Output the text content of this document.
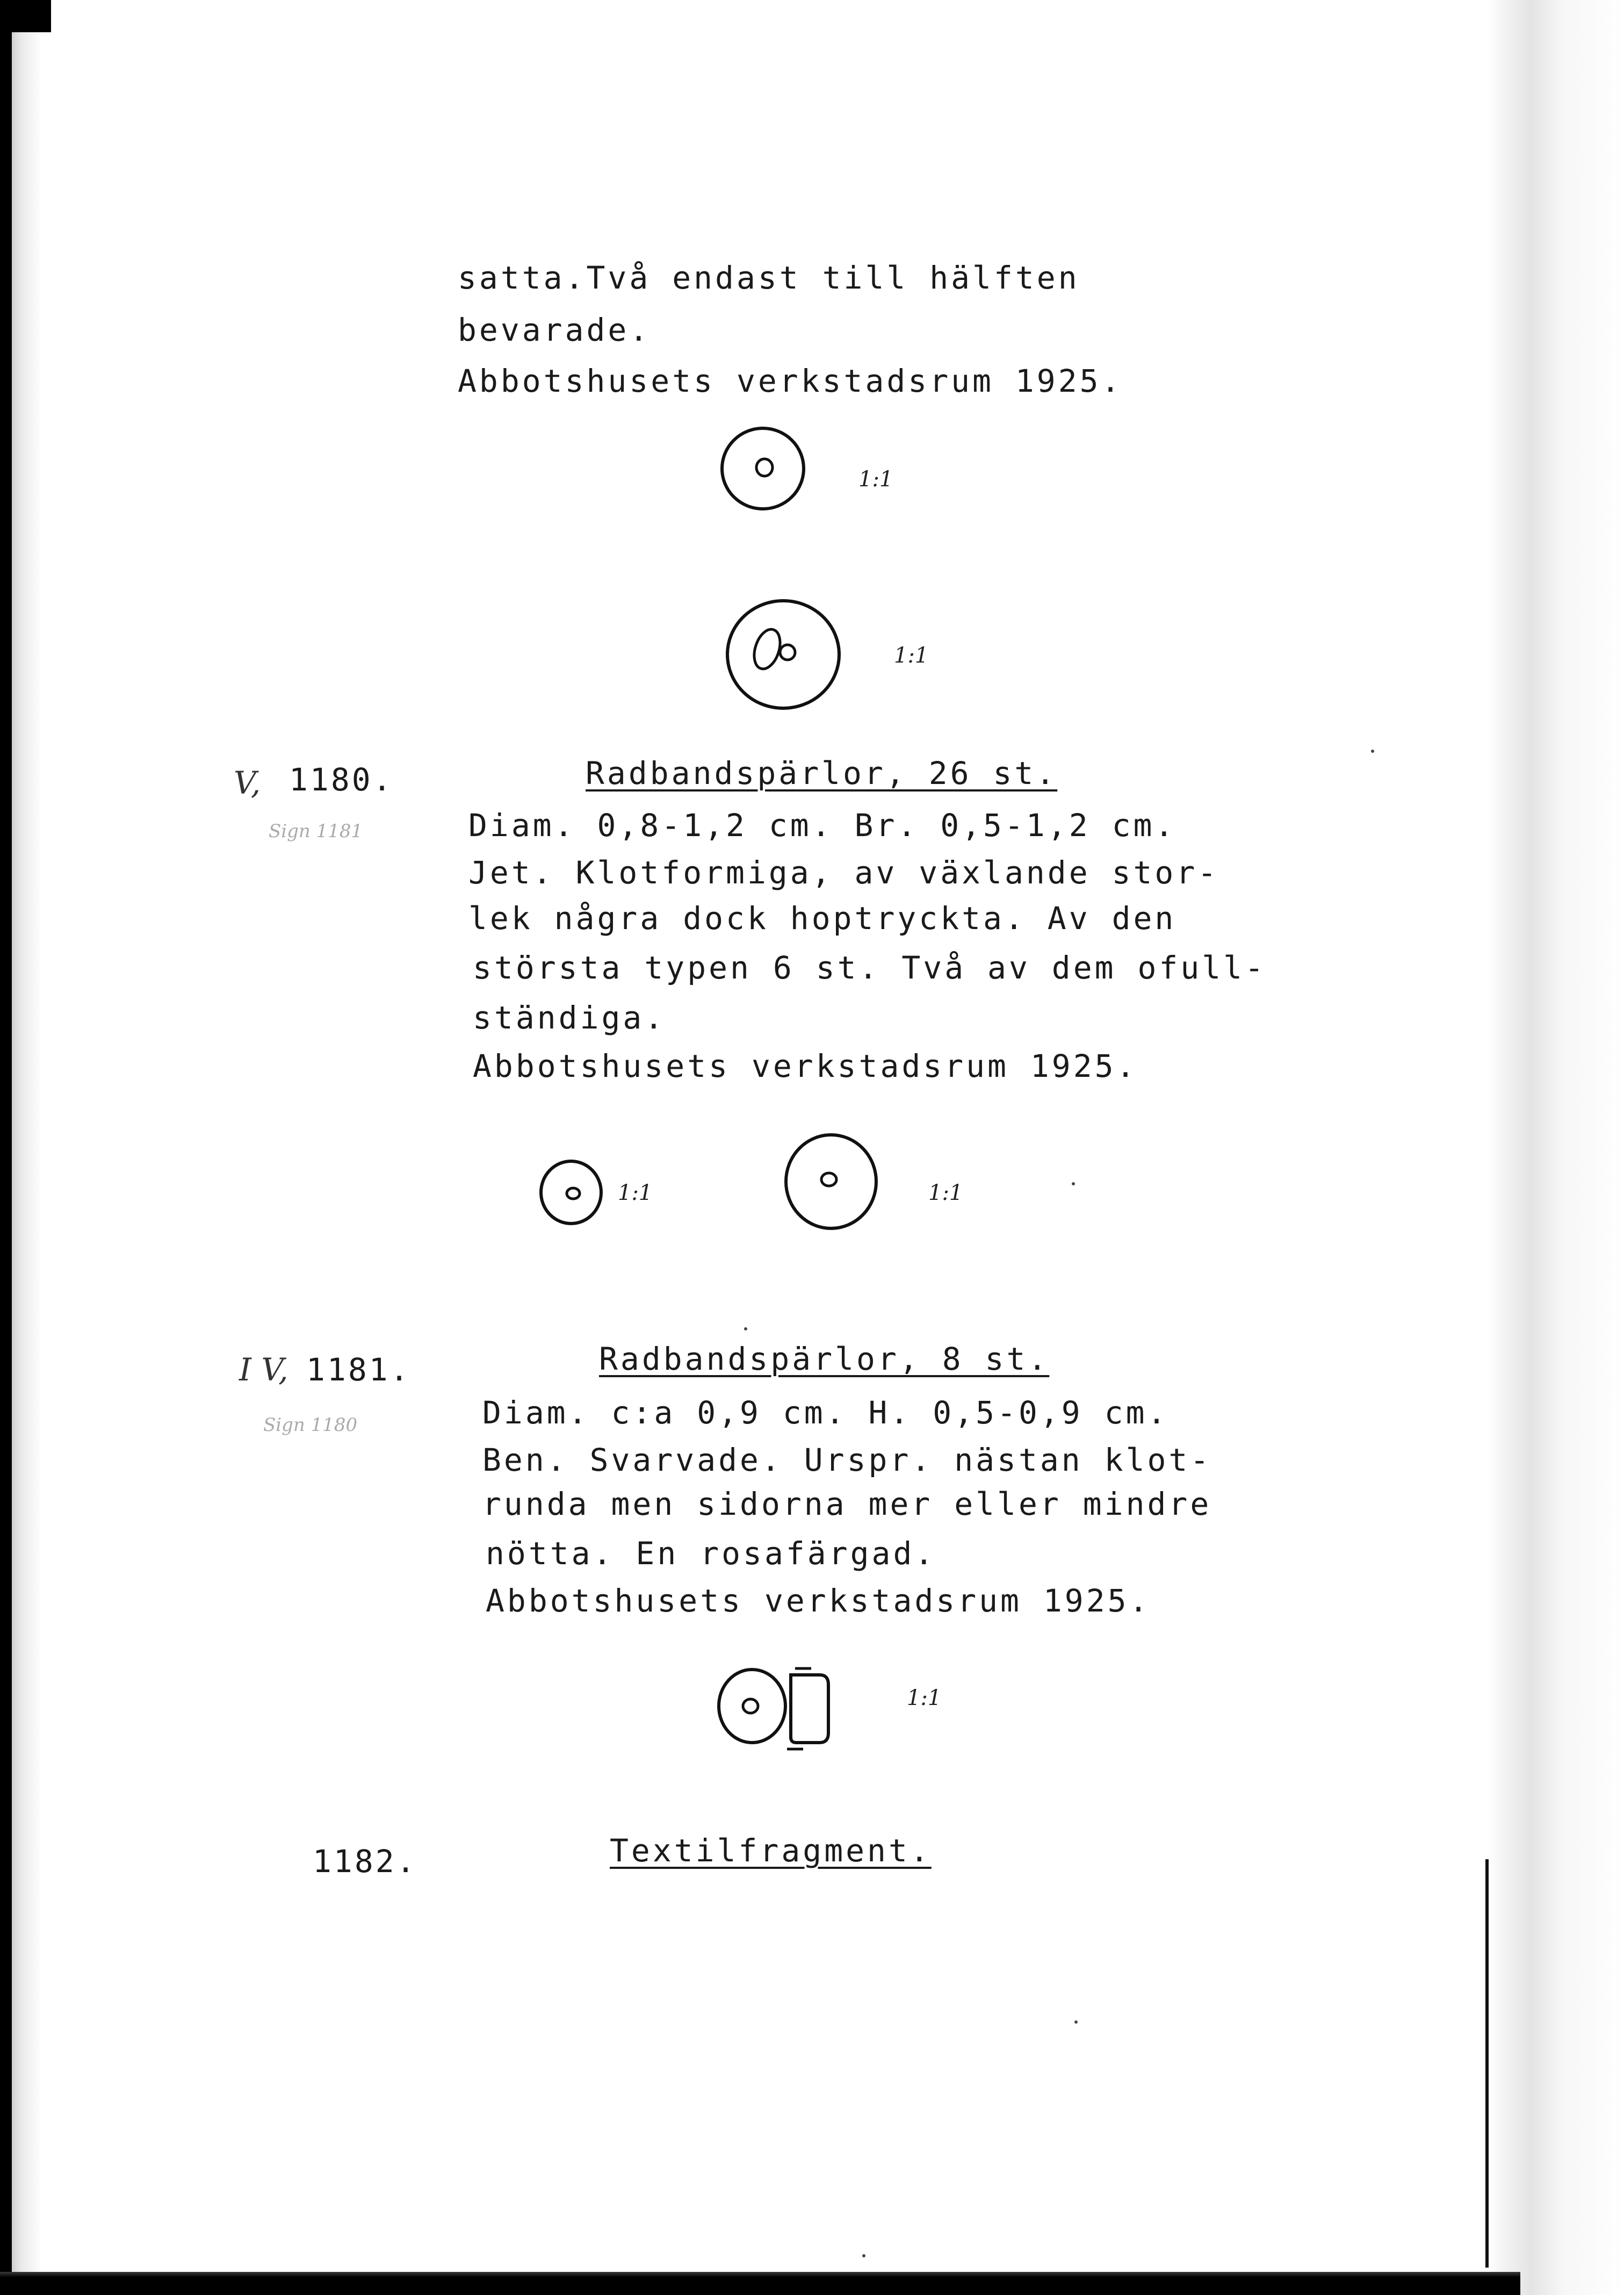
satta.Två endast till hälften
bevarade.
Abbotshusets verkstadsrum 1925.
1:1
1:1
V, 1180.
Sign 1181
Radbandspärlor, 26 st.
Diam. 0,8-1,2 cm. Br. 0,5-1,2 cm.
Jet. Klotformiga, av växlande stor-
lek några dock hoptryckta. Av den
största typen 6 st. Två av dem ofull-
ständiga.
Abbotshusets verkstadsrum 1925.
1:1	1:1
I V, 1181.
Sign 1180
Radbandspärlor, 8 st.
Diam. c:a 0,9 cm. H. 0,5-0,9 cm.
Ben. Svarvade. Urspr. nästan klot-
runda men sidorna mer eller mindre
nötta. En rosafärgad.
Abbotshusets verkstadsrum 1925.
1:1
1182.	Textilfragment.
